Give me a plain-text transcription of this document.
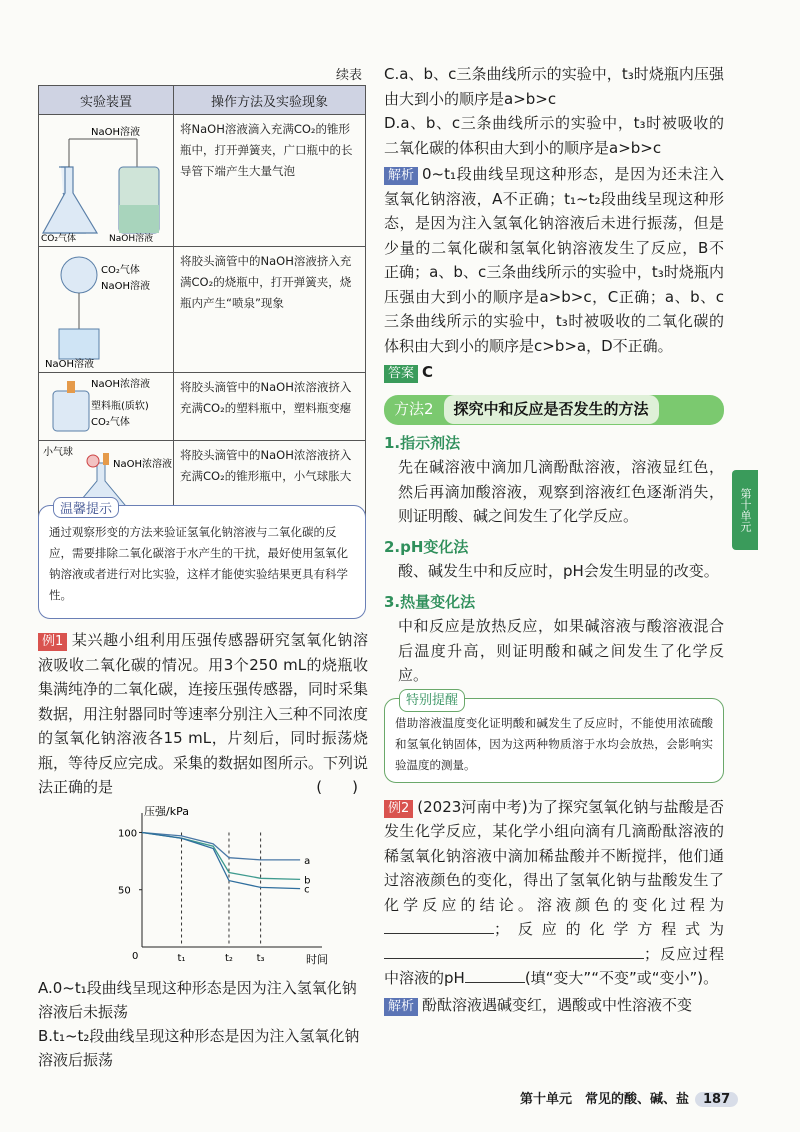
续表
实验装置	操作方法及实验现象

NaOH溶液
CO₂气体 NaOH溶液	将NaOH溶液滴入充满CO₂的锥形瓶中，打开弹簧夹，广口瓶中的长导管下端产生大量气泡

CO₂气体
NaOH溶液
NaOH溶液	将胶头滴管中的NaOH溶液挤入充满CO₂的烧瓶中，打开弹簧夹，烧瓶内产生“喷泉”现象

NaOH浓溶液
塑料瓶(质软)
CO₂气体	将胶头滴管中的NaOH浓溶液挤入充满CO₂的塑料瓶中，塑料瓶变瘪

小气球
NaOH浓溶液	将胶头滴管中的NaOH浓溶液挤入充满CO₂的锥形瓶中，小气球胀大
温馨提示

通过观察形变的方法来验证氢氧化钠溶液与二氧化碳的反应，需要排除二氧化碳溶于水产生的干扰，最好使用氢氧化钠溶液或者进行对比实验，这样才能使实验结果更具有科学性。

例1 某兴趣小组利用压强传感器研究氢氧化钠溶液吸收二氧化碳的情况。用3个250 mL的烧瓶收集满纯净的二氧化碳，连接压强传感器，同时采集数据，用注射器同时等速率分别注入三种不同浓度的氢氧化钠溶液各15 mL，片刻后，同时振荡烧瓶，等待反应完成。采集的数据如图所示。下列说法正确的是	(　　)
压强/kPa
时间
0
50
100
t₁	t₂ t₃
a
b
c
A.0~t₁段曲线呈现这种形态是因为注入氢氧化钠溶液后未振荡
B.t₁~t₂段曲线呈现这种形态是因为注入氢氧化钠溶液后振荡
C.a、b、c三条曲线所示的实验中，t₃时烧瓶内压强由大到小的顺序是a>b>c
D.a、b、c三条曲线所示的实验中，t₃时被吸收的二氧化碳的体积由大到小的顺序是a>b>c
解析 0~t₁段曲线呈现这种形态，是因为还未注入氢氧化钠溶液，A不正确；t₁~t₂段曲线呈现这种形态，是因为注入氢氧化钠溶液后未进行振荡，但是少量的二氧化碳和氢氧化钠溶液发生了反应，B不正确；a、b、c三条曲线所示的实验中，t₃时烧瓶内压强由大到小的顺序是a>b>c，C正确；a、b、c三条曲线所示的实验中，t₃时被吸收的二氧化碳的体积由大到小的顺序是c>b>a，D不正确。
答案 C
方法2	探究中和反应是否发生的方法
1.指示剂法
先在碱溶液中滴加几滴酚酞溶液，溶液显红色，然后再滴加酸溶液，观察到溶液红色逐渐消失，则证明酸、碱之间发生了化学反应。
2.pH变化法
酸、碱发生中和反应时，pH会发生明显的改变。
3.热量变化法
中和反应是放热反应，如果碱溶液与酸溶液混合后温度升高，则证明酸和碱之间发生了化学反应。
特别提醒
借助溶液温度变化证明酸和碱发生了反应时，不能使用浓硫酸和氢氧化钠固体，因为这两种物质溶于水均会放热，会影响实验温度的测量。
例2 (2023河南中考)为了探究氢氧化钠与盐酸是否发生化学反应，某化学小组向滴有几滴酚酞溶液的稀氢氧化钠溶液中滴加稀盐酸并不断搅拌，他们通过溶液颜色的变化，得出了氢氧化钠与盐酸发生了化学反应的结论。溶液颜色的变化过程为；反应的化学方程式为；反应过程中溶液的pH	(填“变大”“不变”或“变小”)。
解析 酚酞溶液遇碱变红，遇酸或中性溶液不变
第十单元
第十单元　常见的酸、碱、盐 187
